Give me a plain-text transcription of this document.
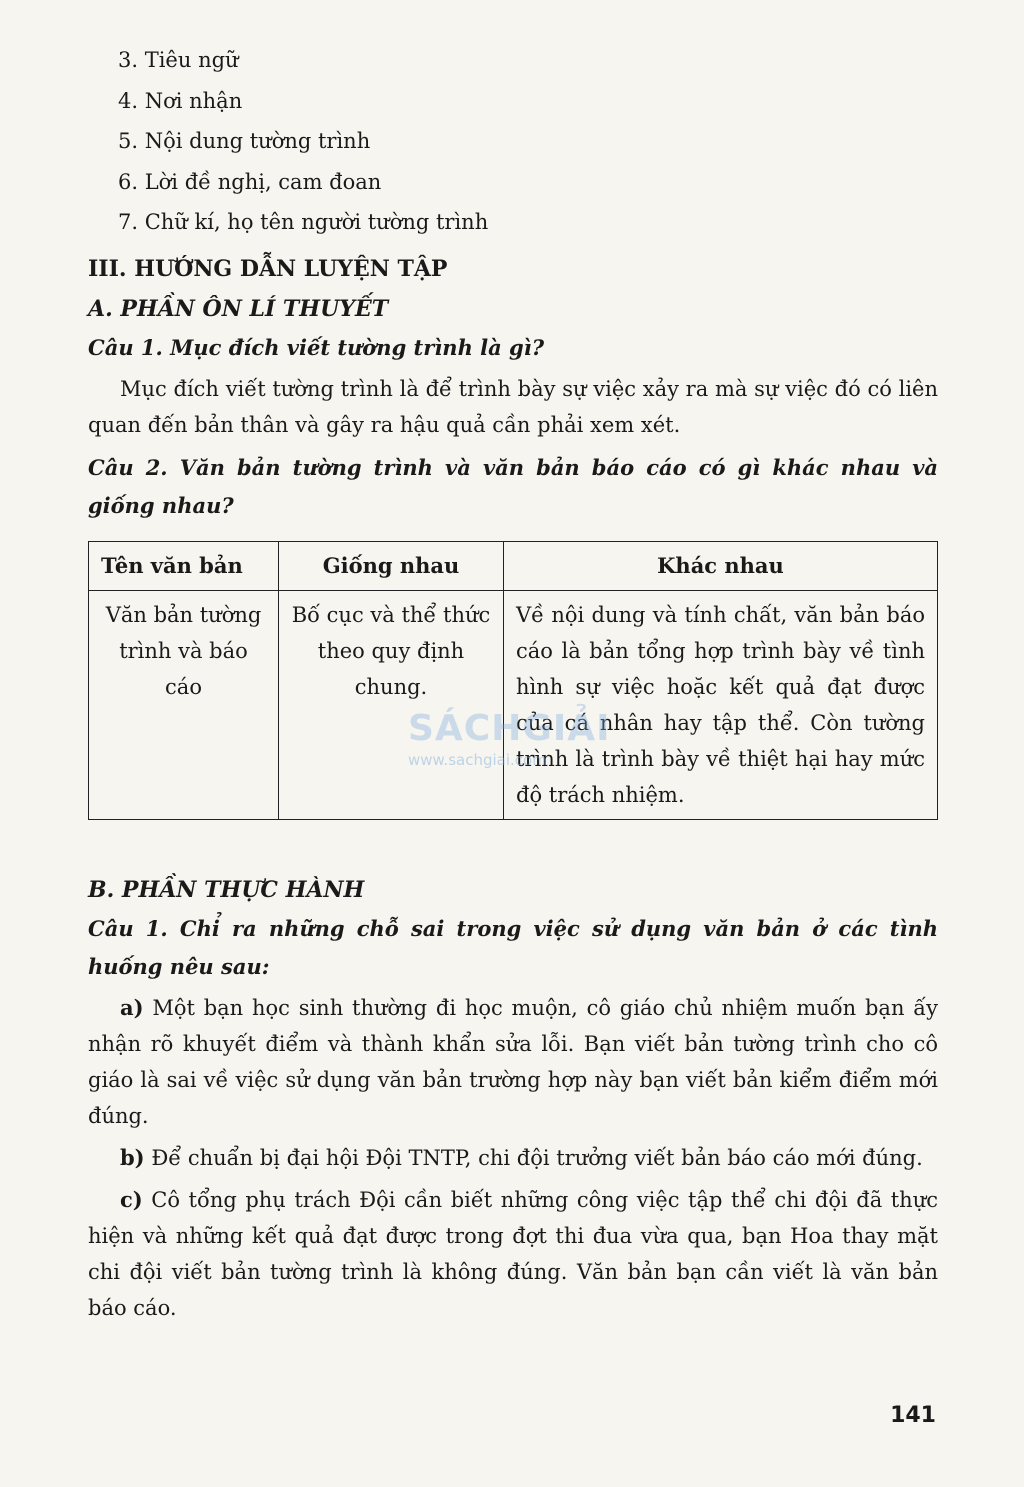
3. Tiêu ngữ
4. Nơi nhận
5. Nội dung tường trình
6. Lời đề nghị, cam đoan
7. Chữ kí, họ tên người tường trình
III. HƯỚNG DẪN LUYỆN TẬP
A. PHẦN ÔN LÍ THUYẾT
Câu 1. Mục đích viết tường trình là gì?
Mục đích viết tường trình là để trình bày sự việc xảy ra mà sự việc đó có liên quan đến bản thân và gây ra hậu quả cần phải xem xét.
Câu 2. Văn bản tường trình và văn bản báo cáo có gì khác nhau và giống nhau?
Tên văn bản	Giống nhau	Khác nhau
Văn bản tường trình và báo cáo	Bố cục và thể thức theo quy định chung.	Về nội dung và tính chất, văn bản báo cáo là bản tổng hợp trình bày về tình hình sự việc hoặc kết quả đạt được của cá nhân hay tập thể. Còn tường trình là trình bày về thiệt hại hay mức độ trách nhiệm.
B. PHẦN THỰC HÀNH
Câu 1. Chỉ ra những chỗ sai trong việc sử dụng văn bản ở các tình huống nêu sau:
a) Một bạn học sinh thường đi học muộn, cô giáo chủ nhiệm muốn bạn ấy nhận rõ khuyết điểm và thành khẩn sửa lỗi. Bạn viết bản tường trình cho cô giáo là sai về việc sử dụng văn bản trường hợp này bạn viết bản kiểm điểm mới đúng.
b) Để chuẩn bị đại hội Đội TNTP, chi đội trưởng viết bản báo cáo mới đúng.
c) Cô tổng phụ trách Đội cần biết những công việc tập thể chi đội đã thực hiện và những kết quả đạt được trong đợt thi đua vừa qua, bạn Hoa thay mặt chi đội viết bản tường trình là không đúng. Văn bản bạn cần viết là văn bản báo cáo.
SÁCHGIẢI
www.sachgiai.com
141
